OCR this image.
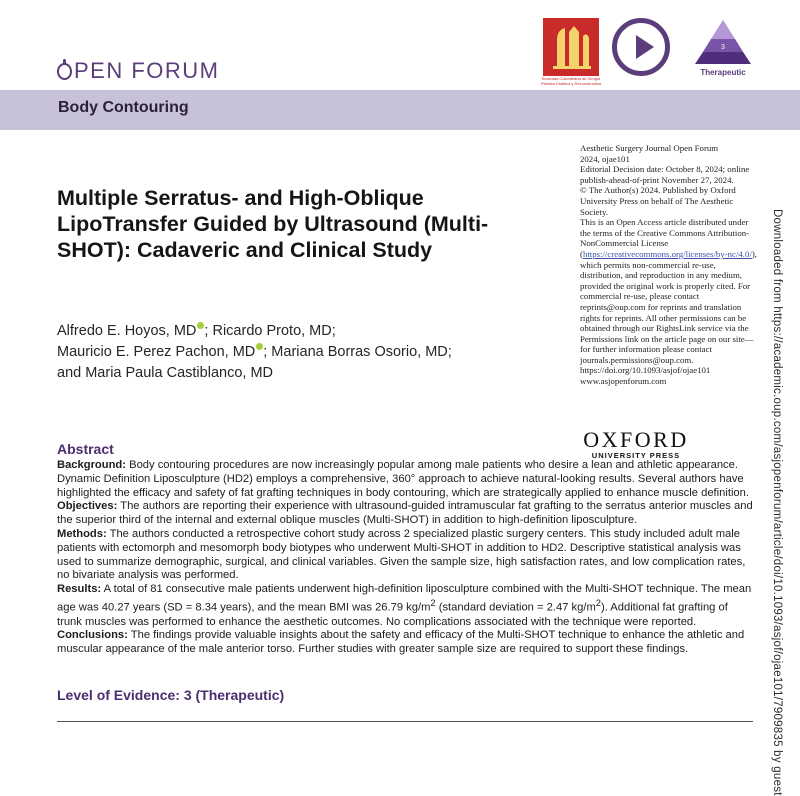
PEN FORUM	Sociedad Colombiana de Cirugía Plástica Estética y Reconstructiva
3
Therapeutic
Body Contouring
Multiple Serratus- and High-Oblique LipoTransfer Guided by Ultrasound (Multi-SHOT): Cadaveric and Clinical Study
Alfredo E. Hoyos, MD ; Ricardo Proto, MD;
Mauricio E. Perez Pachon, MD ; Mariana Borras Osorio, MD;
and Maria Paula Castiblanco, MD
Aesthetic Surgery Journal Open Forum
2024, ojae101
Editorial Decision date: October 8, 2024; online publish-ahead-of-print November 27, 2024.
© The Author(s) 2024. Published by Oxford University Press on behalf of The Aesthetic Society.
This is an Open Access article distributed under the terms of the Creative Commons Attribution-NonCommercial License (https://creativecommons.org/licenses/by-nc/4.0/), which permits non-commercial re-use, distribution, and reproduction in any medium, provided the original work is properly cited. For commercial re-use, please contact reprints@oup.com for reprints and translation rights for reprints. All other permissions can be obtained through our RightsLink service via the Permissions link on the article page on our site—for further information please contact journals.permissions@oup.com.
https://doi.org/10.1093/asjof/ojae101
www.asjopenforum.com
OXFORD
UNIVERSITY PRESS	Downloaded from https://academic.oup.com/asjopenforum/article/doi/10.1093/asjof/ojae101/7909835 by guest
Abstract

Background: Body contouring procedures are now increasingly popular among male patients who desire a lean and athletic appearance. Dynamic Definition Liposculpture (HD2) employs a comprehensive, 360° approach to achieve natural-looking results. Several authors have highlighted the efficacy and safety of fat grafting techniques in body contouring, which are strategically applied to enhance muscle definition.

Objectives: The authors are reporting their experience with ultrasound-guided intramuscular fat grafting to the serratus anterior muscles and the superior third of the internal and external oblique muscles (Multi-SHOT) in addition to high-definition liposculpture.

Methods: The authors conducted a retrospective cohort study across 2 specialized plastic surgery centers. This study included adult male patients with ectomorph and mesomorph body biotypes who underwent Multi-SHOT in addition to HD2. Descriptive statistical analysis was used to summarize demographic, surgical, and clinical variables. Given the sample size, high satisfaction rates, and low complication rates, no bivariate analysis was performed.

Results: A total of 81 consecutive male patients underwent high-definition liposculpture combined with the Multi-SHOT technique. The mean age was 40.27 years (SD = 8.34 years), and the mean BMI was 26.79 $kg/m^2$ (standard deviation = 2.47 $kg/m^2$). Additional fat grafting of trunk muscles was performed to enhance the aesthetic outcomes. No complications associated with the technique were reported.

Conclusions: The findings provide valuable insights about the safety and efficacy of the Multi-SHOT technique to enhance the athletic and muscular appearance of the male anterior torso. Further studies with greater sample size are required to support these findings.

Level of Evidence: 3 (Therapeutic)
